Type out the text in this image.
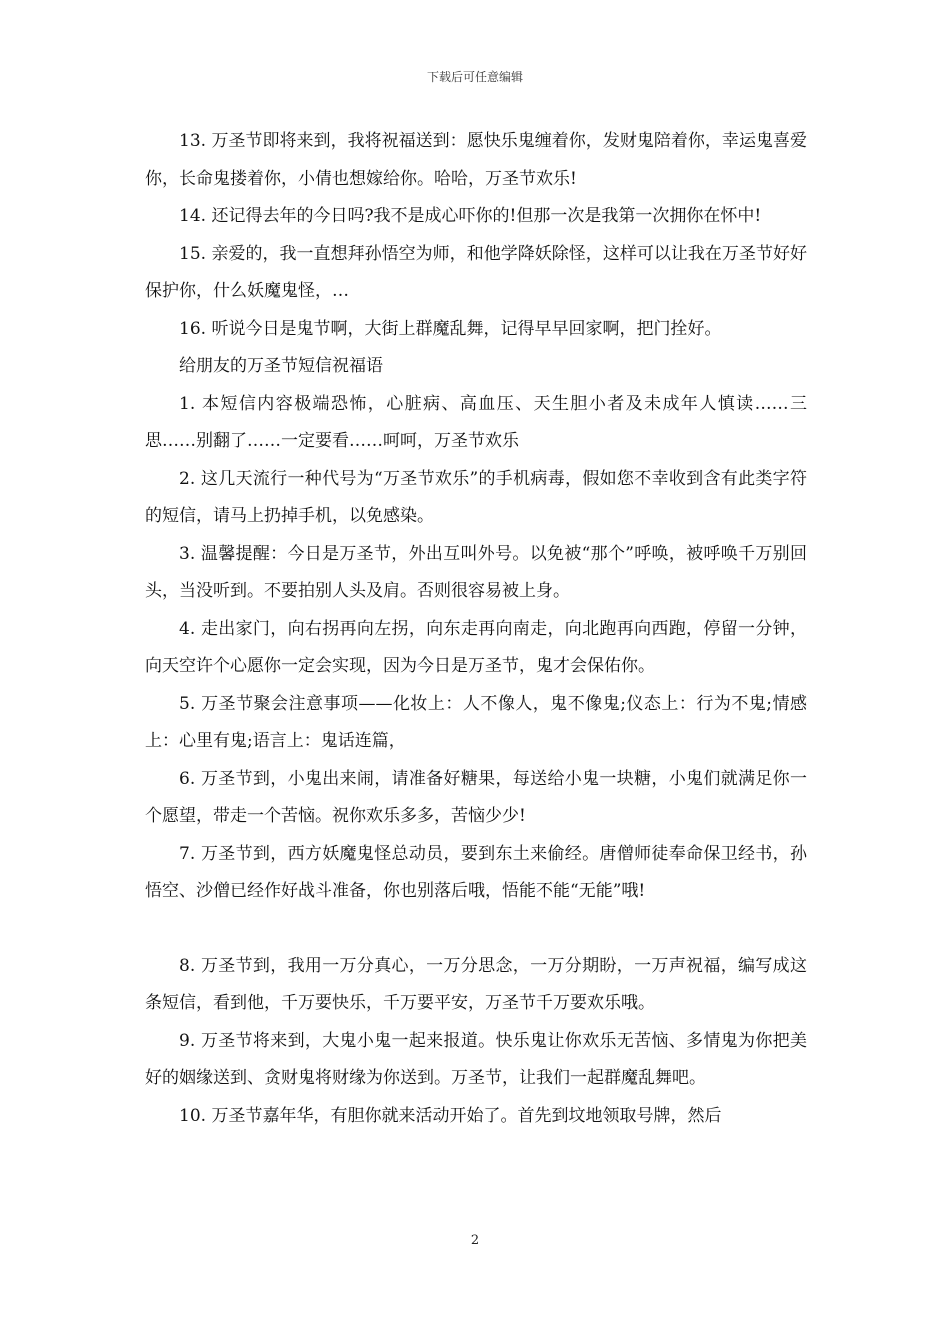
下载后可任意编辑

13. 万圣节即将来到，我将祝福送到：愿快乐鬼缠着你，发财鬼陪着你，幸运鬼喜爱你，长命鬼搂着你，小倩也想嫁给你。哈哈，万圣节欢乐!

14. 还记得去年的今日吗?我不是成心吓你的!但那一次是我第一次拥你在怀中!

15. 亲爱的，我一直想拜孙悟空为师，和他学降妖除怪，这样可以让我在万圣节好好保护你，什么妖魔鬼怪，…

16. 听说今日是鬼节啊，大街上群魔乱舞，记得早早回家啊，把门拴好。

给朋友的万圣节短信祝福语

1. 本短信内容极端恐怖，心脏病、高血压、天生胆小者及未成年人慎读……三思……别翻了……一定要看……呵呵，万圣节欢乐

2. 这几天流行一种代号为“万圣节欢乐”的手机病毒，假如您不幸收到含有此类字符的短信，请马上扔掉手机，以免感染。

3. 温馨提醒：今日是万圣节，外出互叫外号。以免被“那个”呼唤，被呼唤千万别回头，当没听到。不要拍别人头及肩。否则很容易被上身。

4. 走出家门，向右拐再向左拐，向东走再向南走，向北跑再向西跑，停留一分钟，向天空许个心愿你一定会实现，因为今日是万圣节，鬼才会保佑你。

5. 万圣节聚会注意事项——化妆上：人不像人，鬼不像鬼;仪态上：行为不鬼;情感上：心里有鬼;语言上：鬼话连篇，

6. 万圣节到，小鬼出来闹，请准备好糖果，每送给小鬼一块糖，小鬼们就满足你一个愿望，带走一个苦恼。祝你欢乐多多，苦恼少少!

7. 万圣节到，西方妖魔鬼怪总动员，要到东土来偷经。唐僧师徒奉命保卫经书，孙悟空、沙僧已经作好战斗准备，你也别落后哦，悟能不能“无能”哦!

8. 万圣节到，我用一万分真心，一万分思念，一万分期盼，一万声祝福，编写成这条短信，看到他，千万要快乐，千万要平安，万圣节千万要欢乐哦。

9. 万圣节将来到，大鬼小鬼一起来报道。快乐鬼让你欢乐无苦恼、多情鬼为你把美好的姻缘送到、贪财鬼将财缘为你送到。万圣节，让我们一起群魔乱舞吧。

10. 万圣节嘉年华，有胆你就来活动开始了。首先到坟地领取号牌，然后

2
